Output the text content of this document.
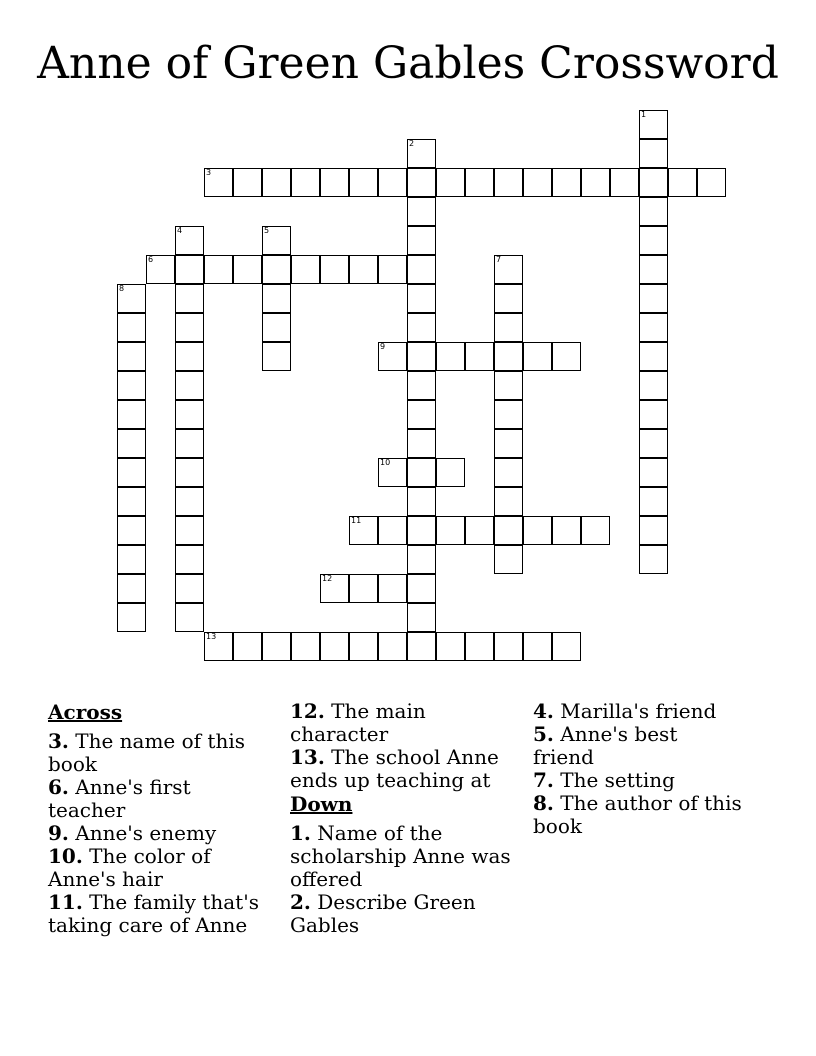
Anne of Green Gables Crossword
1
2
3
4	5
6	7
8
9
10
11
12
13
Across
3. The name of this book
6. Anne's first teacher
9. Anne's enemy
10. The color of Anne's hair
11. The family that's taking care of Anne
12. The main character
13. The school Anne ends up teaching at
Down
1. Name of the scholarship Anne was offered
2. Describe Green Gables
4. Marilla's friend
5. Anne's best friend
7. The setting
8. The author of this book
